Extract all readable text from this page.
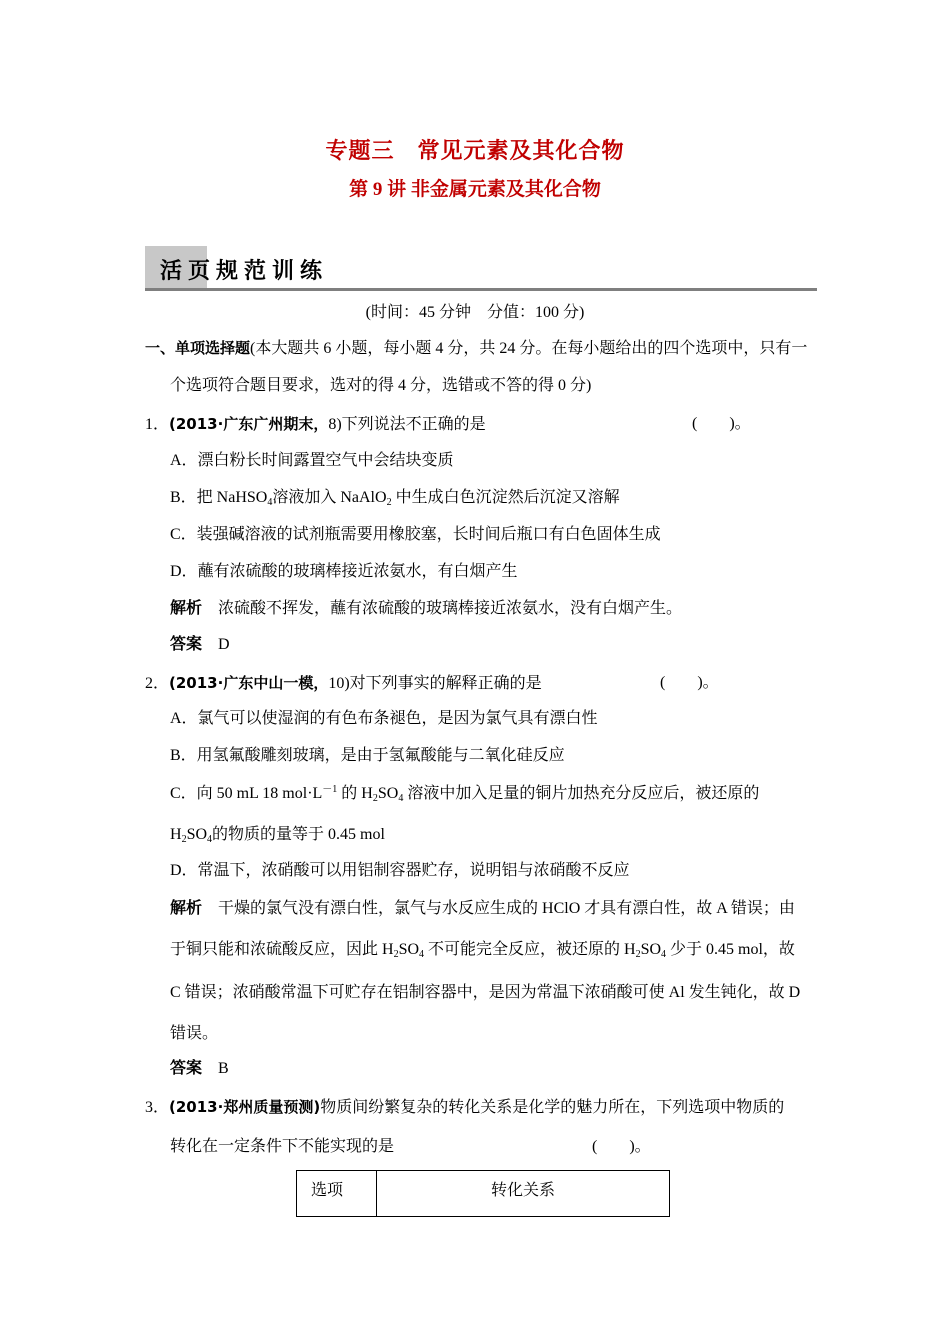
专题三　常见元素及其化合物
第 9 讲 非金属元素及其化合物
活页规范训练
(时间：45 分钟　分值：100 分)
一、单项选择题(本大题共 6 小题，每小题 4 分，共 24 分。在每小题给出的四个选项中，只有一
个选项符合题目要求，选对的得 4 分，选错或不答的得 0 分)
1．(2013·广东广州期末，8)下列说法不正确的是	(　　)。
A．漂白粉长时间露置空气中会结块变质
B．把 NaHSO$_4$溶液加入 NaAlO$_2$ 中生成白色沉淀然后沉淀又溶解
C．装强碱溶液的试剂瓶需要用橡胶塞，长时间后瓶口有白色固体生成
D．蘸有浓硫酸的玻璃棒接近浓氨水，有白烟产生
解析　 浓硫酸不挥发，蘸有浓硫酸的玻璃棒接近浓氨水，没有白烟产生。
答案　 D
2．(2013·广东中山一模，10)对下列事实的解释正确的是	(　　)。
A．氯气可以使湿润的有色布条褪色，是因为氯气具有漂白性
B．用氢氟酸雕刻玻璃，是由于氢氟酸能与二氧化硅反应
C．向 50 mL 18 $mol\cdot L^{-1}$ 的 $H_2SO_4$ 溶液中加入足量的铜片加热充分反应后，被还原的
$H_2SO_4$的物质的量等于 0.45 mol
D．常温下，浓硝酸可以用铝制容器贮存，说明铝与浓硝酸不反应
解析　 干燥的氯气没有漂白性，氯气与水反应生成的 HClO 才具有漂白性，故 A 错误；由
于铜只能和浓硫酸反应，因此 $H_2SO_4$ 不可能完全反应，被还原的 $H_2SO_4$ 少于 0.45 mol，故
C 错误；浓硝酸常温下可贮存在铝制容器中，是因为常温下浓硝酸可使 Al 发生钝化，故 D
错误。
答案　 B
3．(2013·郑州质量预测)物质间纷繁复杂的转化关系是化学的魅力所在，下列选项中物质的
转化在一定条件下不能实现的是	(　　)。
选项	转化关系
